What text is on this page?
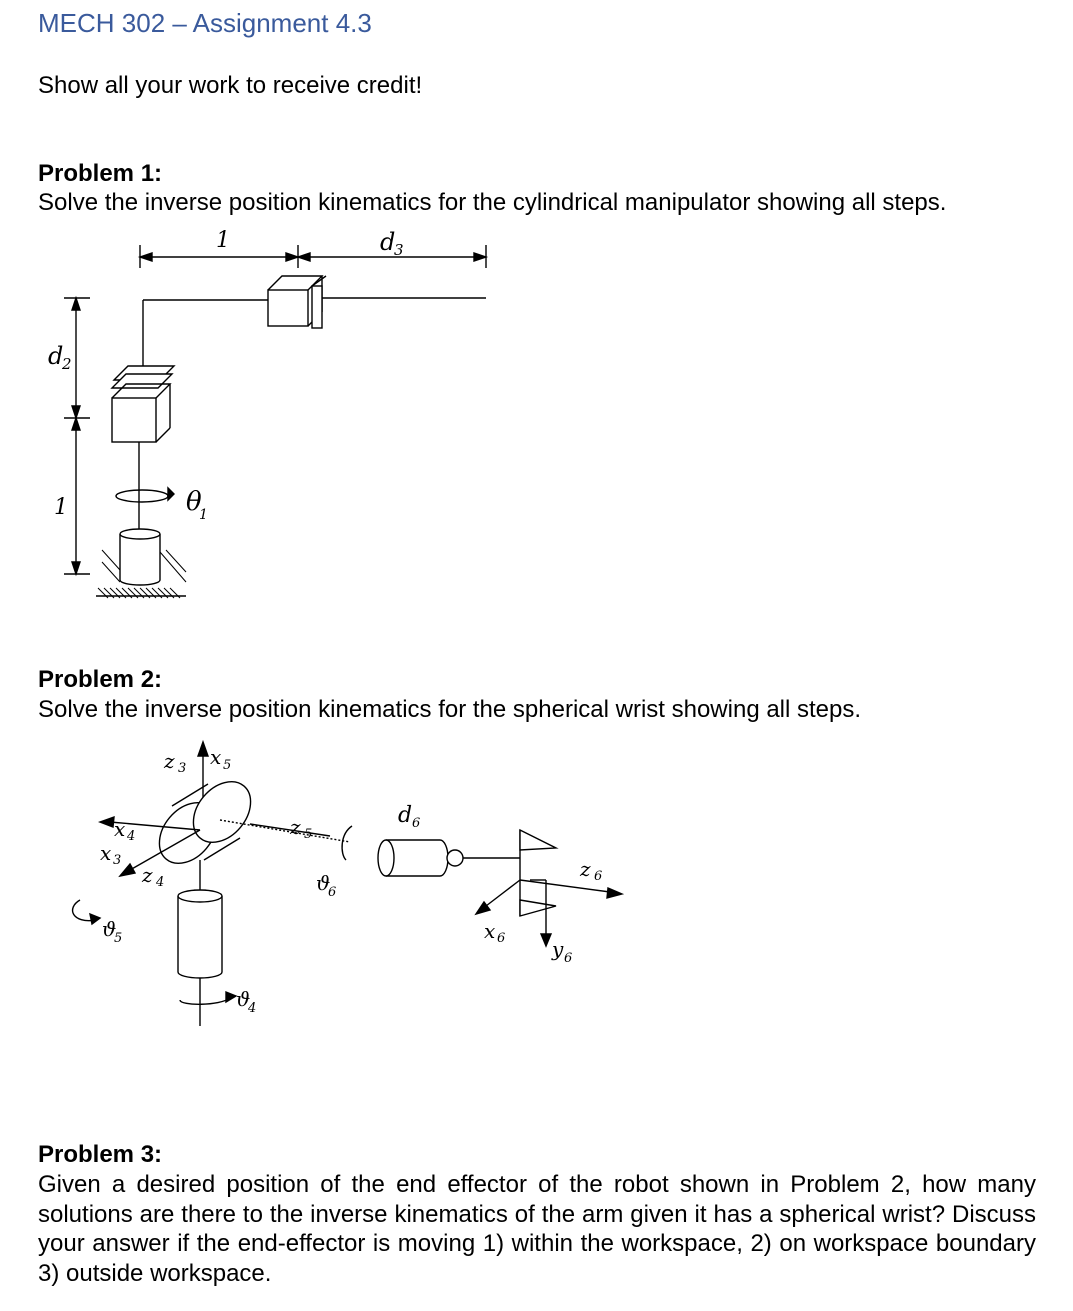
MECH 302 – Assignment 4.3
Show all your work to receive credit!
Problem 1:
Solve the inverse position kinematics for the cylindrical manipulator showing all steps.
1	d
3
d
2
1	θ
1
Problem 2:
Solve the inverse position kinematics for the spherical wrist showing all steps.
z 3 x 5
x 4
x 3
z 4
ϑ
5
z 5
ϑ
6
d 6
z 6
x 6 y 6
ϑ
4
Problem 3:
Given a desired position of the end effector of the robot shown in Problem 2, how many solutions are there to the inverse kinematics of the arm given it has a spherical wrist? Discuss your answer if the end-effector is moving 1) within the workspace, 2) on workspace boundary 3) outside workspace.
